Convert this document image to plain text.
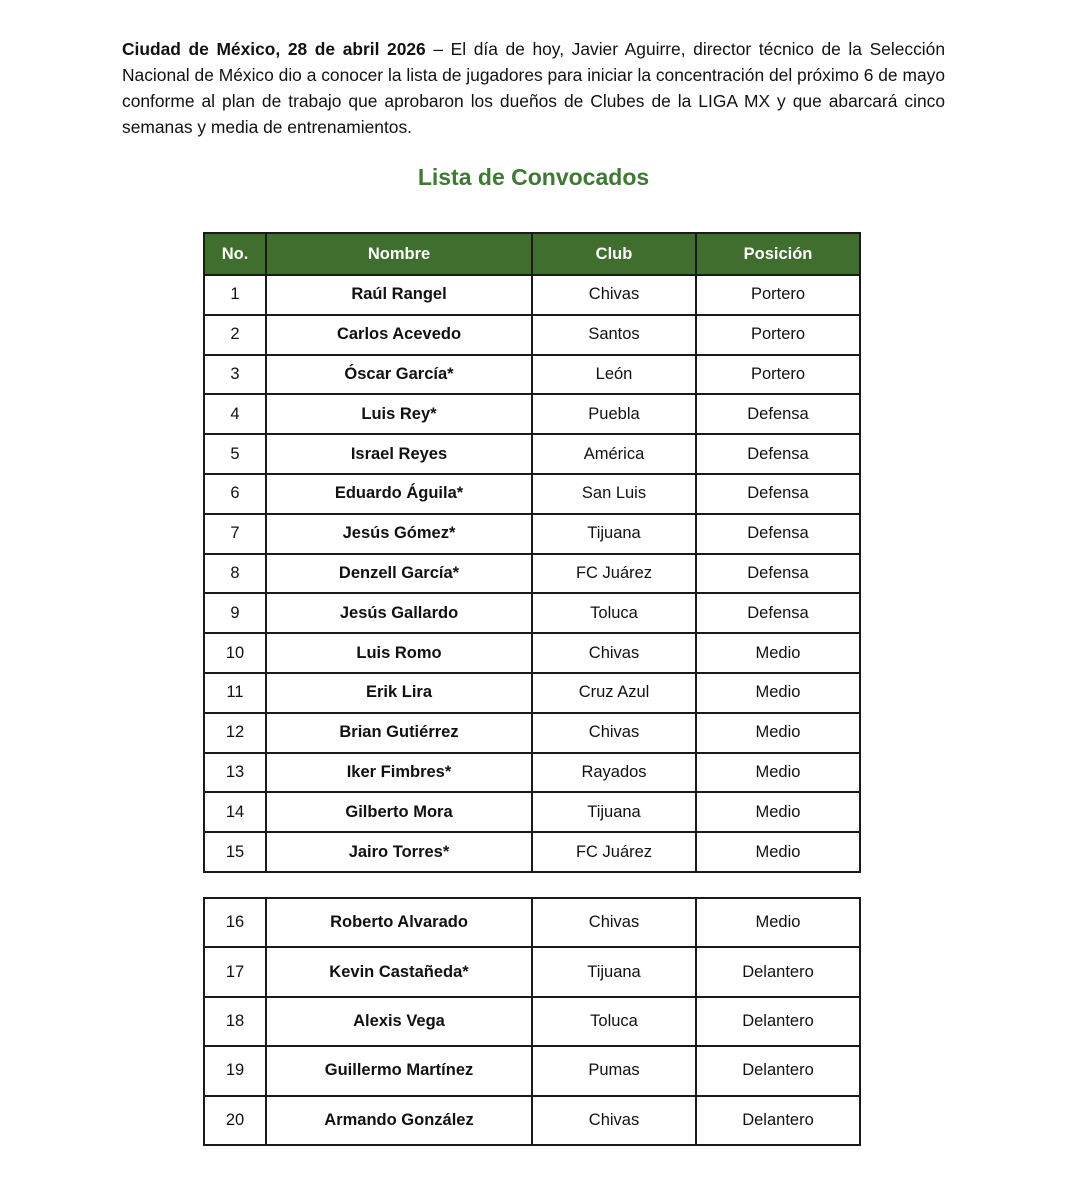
Ciudad de México, 28 de abril 2026 – El día de hoy, Javier Aguirre, director técnico de la Selección Nacional de México dio a conocer la lista de jugadores para iniciar la concentración del próximo 6 de mayo conforme al plan de trabajo que aprobaron los dueños de Clubes de la LIGA MX y que abarcará cinco semanas y media de entrenamientos.

Lista de Convocados
No.	Nombre	Club	Posición
1	Raúl Rangel	Chivas	Portero
2	Carlos Acevedo	Santos	Portero
3	Óscar García*	León	Portero
4	Luis Rey*	Puebla	Defensa
5	Israel Reyes	América	Defensa
6	Eduardo Águila*	San Luis	Defensa
7	Jesús Gómez*	Tijuana	Defensa
8	Denzell García*	FC Juárez	Defensa
9	Jesús Gallardo	Toluca	Defensa
10	Luis Romo	Chivas	Medio
11	Erik Lira	Cruz Azul	Medio
12	Brian Gutiérrez	Chivas	Medio
13	Iker Fimbres*	Rayados	Medio
14	Gilberto Mora	Tijuana	Medio
15	Jairo Torres*	FC Juárez	Medio
16	Roberto Alvarado	Chivas	Medio
17	Kevin Castañeda*	Tijuana	Delantero
18	Alexis Vega	Toluca	Delantero
19	Guillermo Martínez	Pumas	Delantero
20	Armando González	Chivas	Delantero
